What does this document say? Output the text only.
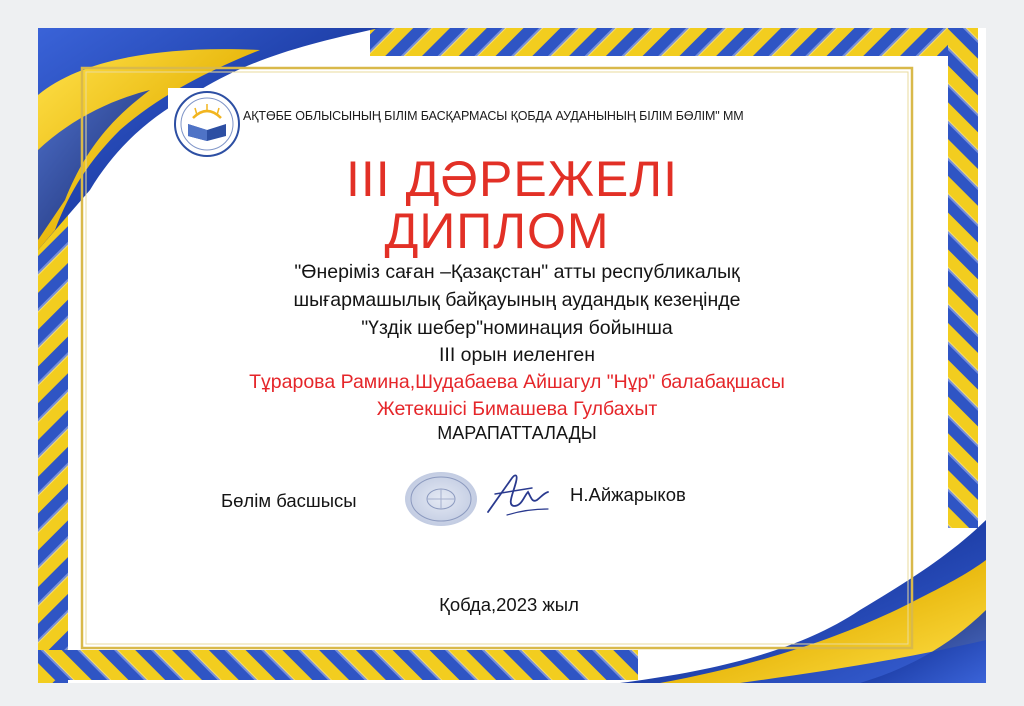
АҚТӨБЕ ОБЛЫСЫНЫҢ БІЛІМ БАСҚАРМАСЫ ҚОБДА АУДАНЫНЫҢ БІЛІМ БӨЛІМ" ММ
ІІІ ДӘРЕЖЕЛІ
ДИПЛОМ
"Өнеріміз саған –Қазақстан" атты республикалық
шығармашылық байқауының аудандық кезеңінде
"Үздік шебер"номинация бойынша
ІІІ орын иеленген
Тұрарова Рамина,Шудабаева Айшагул "Нұр" балабақшасы
Жетекшісі Бимашева Гулбахыт
МАРАПАТТАЛАДЫ
Бөлім басшысы	Н.Айжарыков
Қобда,2023 жыл
